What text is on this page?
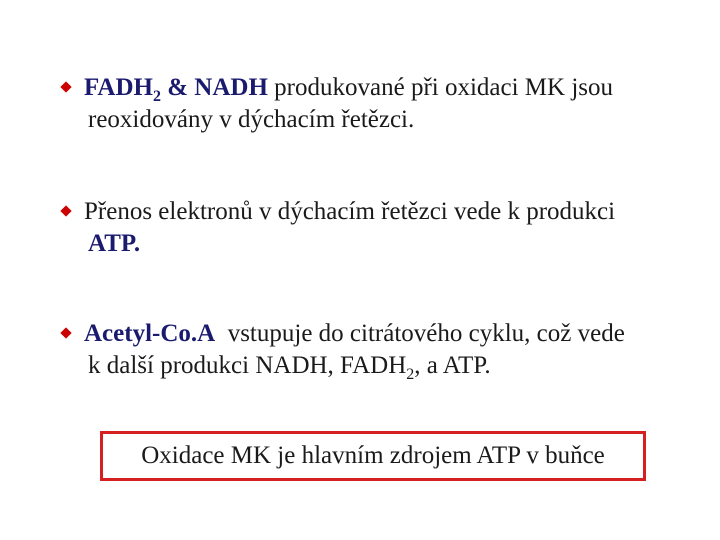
$FADH_2$ & NADH produkované při oxidaci MK jsou
reoxidovány v dýchacím řetězci.
Přenos elektronů v dýchacím řetězci vede k produkci
ATP.
Acetyl-Co.A  vstupuje do citrátového cyklu, což vede
k další produkci NADH, $FADH_2$, a ATP.
Oxidace MK je hlavním zdrojem ATP v buňce
